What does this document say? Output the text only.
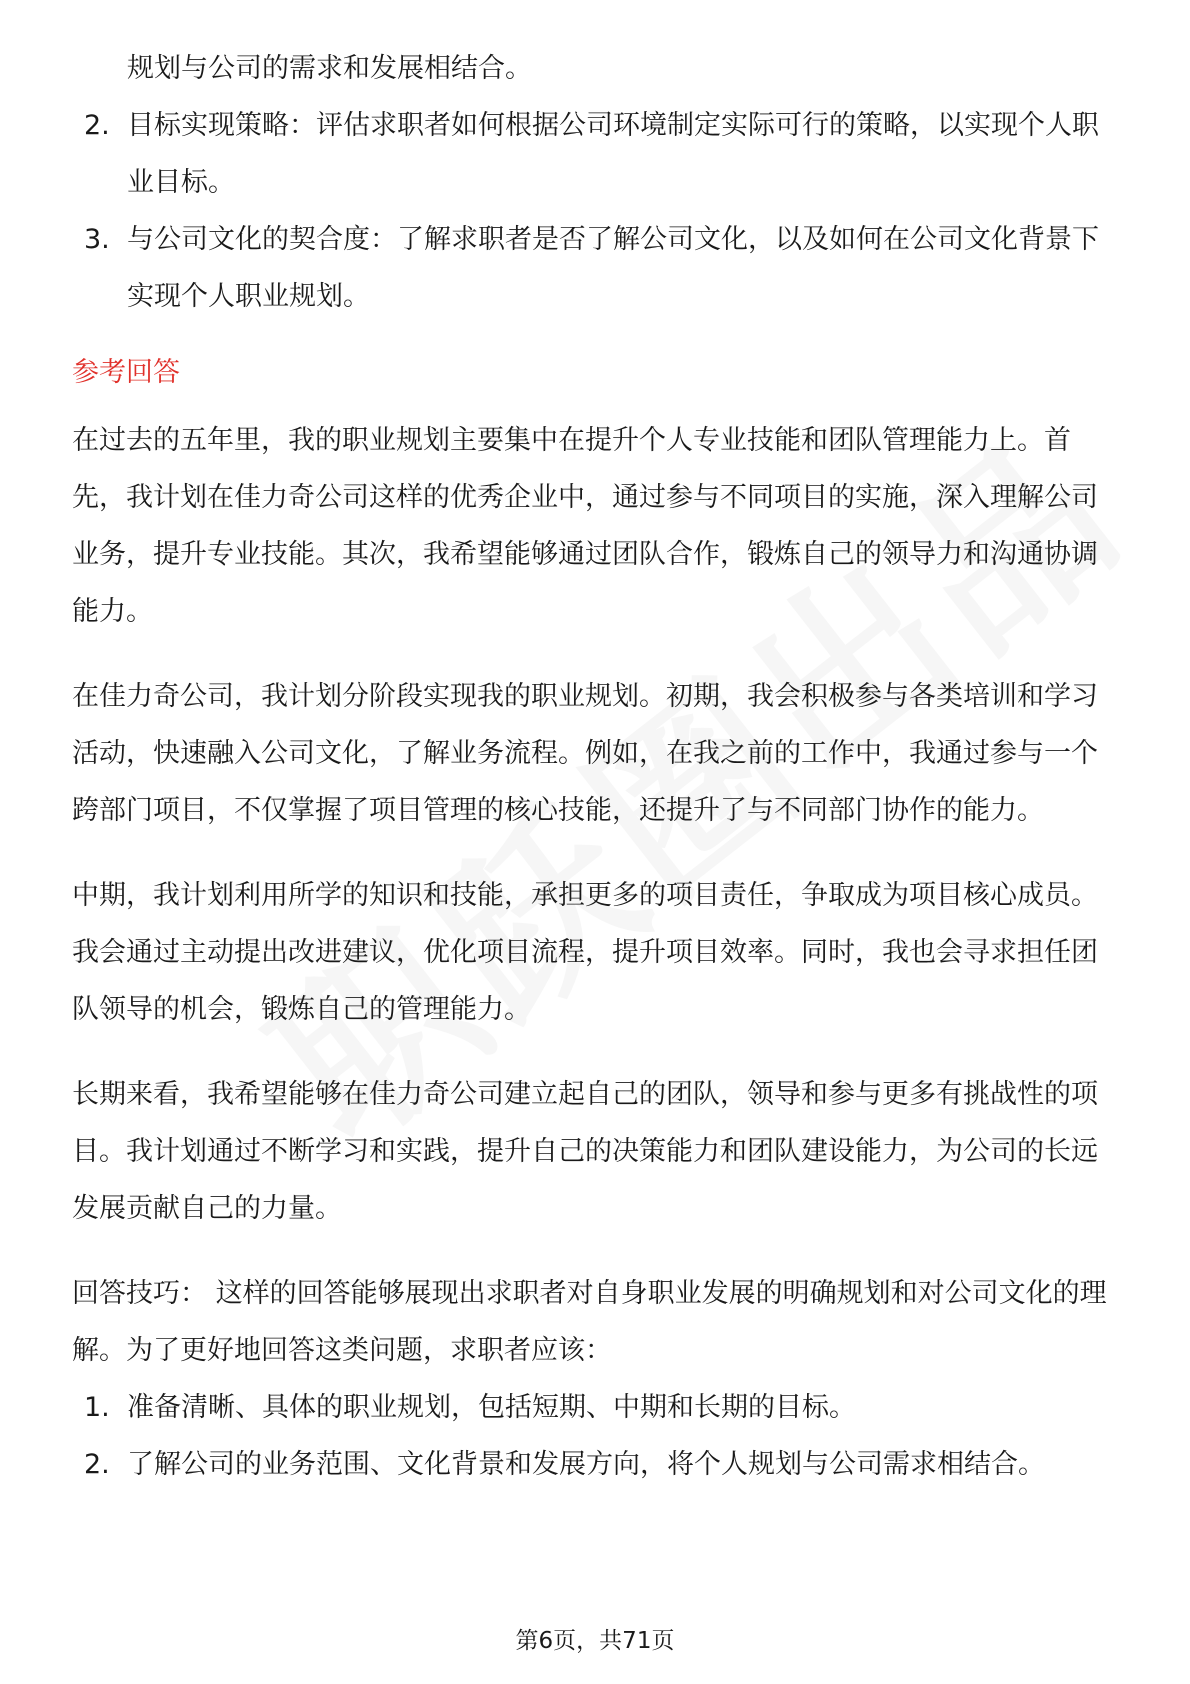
规划与公司的需求和发展相结合。

2. 目标实现策略：评估求职者如何根据公司环境制定实际可行的策略，以实现个人职业目标。
3. 与公司文化的契合度：了解求职者是否了解公司文化，以及如何在公司文化背景下实现个人职业规划。
参考回答

在过去的五年里，我的职业规划主要集中在提升个人专业技能和团队管理能力上。首先，我计划在佳力奇公司这样的优秀企业中，通过参与不同项目的实施，深入理解公司业务，提升专业技能。其次，我希望能够通过团队合作，锻炼自己的领导力和沟通协调能力。

在佳力奇公司，我计划分阶段实现我的职业规划。初期，我会积极参与各类培训和学习活动，快速融入公司文化，了解业务流程。例如，在我之前的工作中，我通过参与一个跨部门项目，不仅掌握了项目管理的核心技能，还提升了与不同部门协作的能力。

中期，我计划利用所学的知识和技能，承担更多的项目责任，争取成为项目核心成员。我会通过主动提出改进建议，优化项目流程，提升项目效率。同时，我也会寻求担任团队领导的机会，锻炼自己的管理能力。

长期来看，我希望能够在佳力奇公司建立起自己的团队，领导和参与更多有挑战性的项目。我计划通过不断学习和实践，提升自己的决策能力和团队建设能力，为公司的长远发展贡献自己的力量。

回答技巧： 这样的回答能够展现出求职者对自身职业发展的明确规划和对公司文化的理解。为了更好地回答这类问题，求职者应该：

1. 准备清晰、具体的职业规划，包括短期、中期和长期的目标。
2. 了解公司的业务范围、文化背景和发展方向，将个人规划与公司需求相结合。
第6页，共71页
